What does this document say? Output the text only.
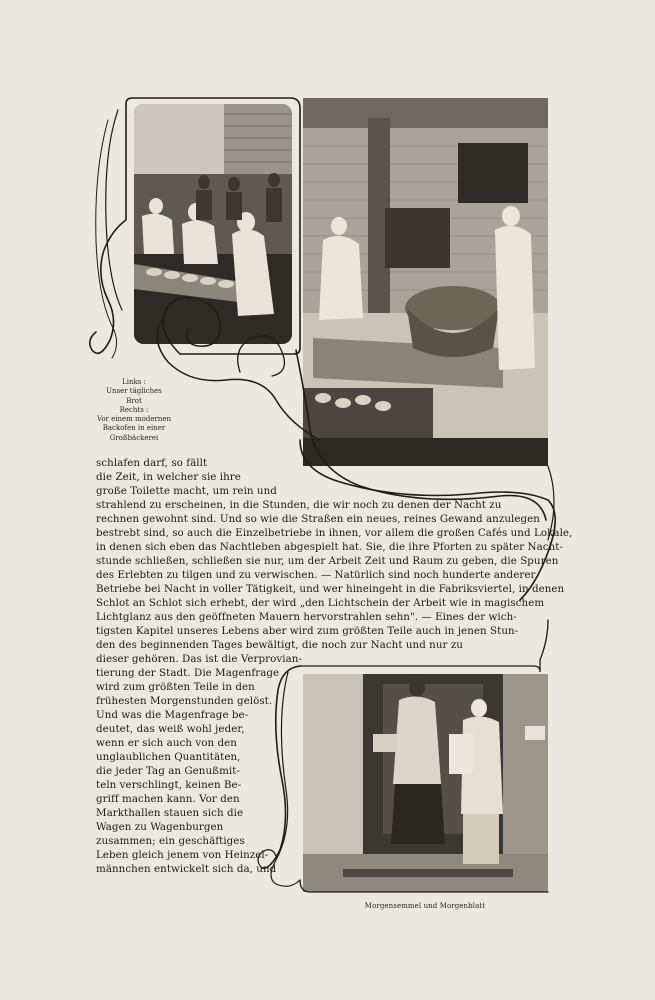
Links :
Unser tägliches
Brot
Rechts :
Vor einem modernen
Backofen in einer
Großbäckerei
Morgensemmel und Morgenblatt
schlafen darf, so fällt
die Zeit, in welcher sie ihre
große Toilette macht, um rein und
strahlend zu erscheinen, in die Stunden, die wir noch zu denen der Nacht zu
rechnen gewohnt sind. Und so wie die Straßen ein neues, reines Gewand anzulegen
bestrebt sind, so auch die Einzelbetriebe in ihnen, vor allem die großen Cafés und Lokale,
in denen sich eben das Nachtleben abgespielt hat. Sie, die ihre Pforten zu später Nacht-
stunde schließen, schließen sie nur, um der Arbeit Zeit und Raum zu geben, die Spuren
des Erlebten zu tilgen und zu verwischen. — Natürlich sind noch hunderte anderer
Betriebe bei Nacht in voller Tätigkeit, und wer hineingeht in die Fabriksviertel, in denen
Schlot an Schlot sich erhebt, der wird „den Lichtschein der Arbeit wie in magischem
Lichtglanz aus den geöffneten Mauern hervorstrahlen sehn". — Eines der wich-
tigsten Kapitel unseres Lebens aber wird zum größten Teile auch in jenen Stun-
den des beginnenden Tages bewältigt, die noch zur Nacht und nur zu
dieser gehören. Das ist die Verprovian-
tierung der Stadt. Die Magenfrage
wird zum größten Teile in den
frühesten Morgenstunden gelöst.
Und was die Magenfrage be-
deutet, das weiß wohl jeder,
wenn er sich auch von den
unglaublichen Quantitäten,
die jeder Tag an Genußmit-
teln verschlingt, keinen Be-
griff machen kann. Vor den
Markthallen stauen sich die
Wagen zu Wagenburgen
zusammen; ein geschäftiges
Leben gleich jenem von Heinzel-
männchen entwickelt sich da, und
